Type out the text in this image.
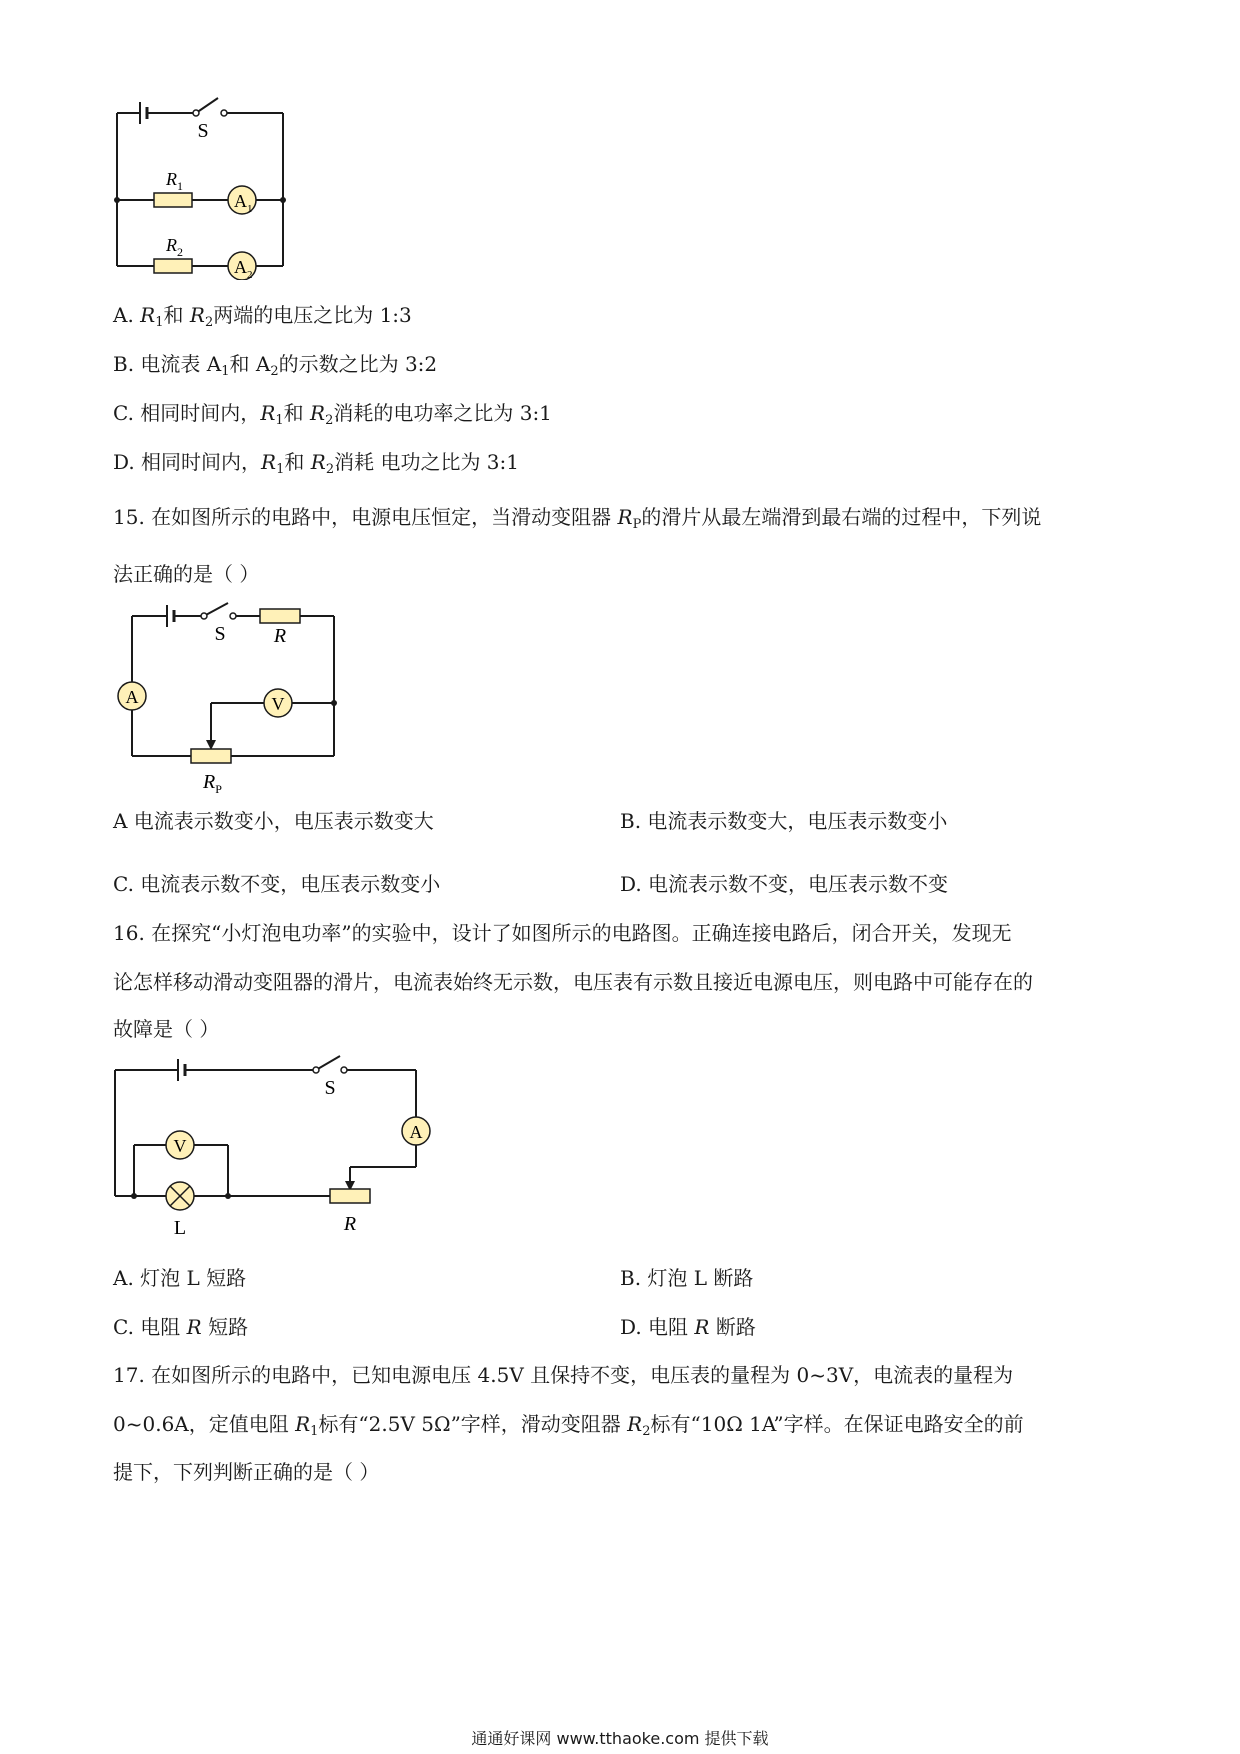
S
$R_1$
$R_2$
$A_1$
$A_2$
A. $R_1$和 $R_2$两端的电压之比为 1:3
B. 电流表 $A_1$和 $A_2$的示数之比为 3:2
C. 相同时间内，$R_1$和 $R_2$消耗的电功率之比为 3:1
D. 相同时间内，$R_1$和 $R_2$消耗 电功之比为 3:1
15. 在如图所示的电路中，电源电压恒定，当滑动变阻器 $R_P$的滑片从最左端滑到最右端的过程中，下列说
法正确的是（ ）
A	V
S R
$R_P$
A 电流表示数变小，电压表示数变大	B. 电流表示数变大，电压表示数变小
C. 电流表示数不变，电压表示数变小	D. 电流表示数不变，电压表示数不变
16. 在探究“小灯泡电功率”的实验中，设计了如图所示的电路图。正确连接电路后，闭合开关，发现无
论怎样移动滑动变阻器的滑片，电流表始终无示数，电压表有示数且接近电源电压，则电路中可能存在的
故障是（ ）
A
V
S
L	R
A. 灯泡 L 短路	B. 灯泡 L 断路
C. 电阻 R 短路	D. 电阻 R 断路
17. 在如图所示的电路中，已知电源电压 4.5V 且保持不变，电压表的量程为 0~3V，电流表的量程为
0~0.6A，定值电阻 $R_1$标有“2.5V 5Ω”字样，滑动变阻器 $R_2$标有“10Ω 1A”字样。在保证电路安全的前
提下，下列判断正确的是（ ）
通通好课网 www.tthaoke.com 提供下载
